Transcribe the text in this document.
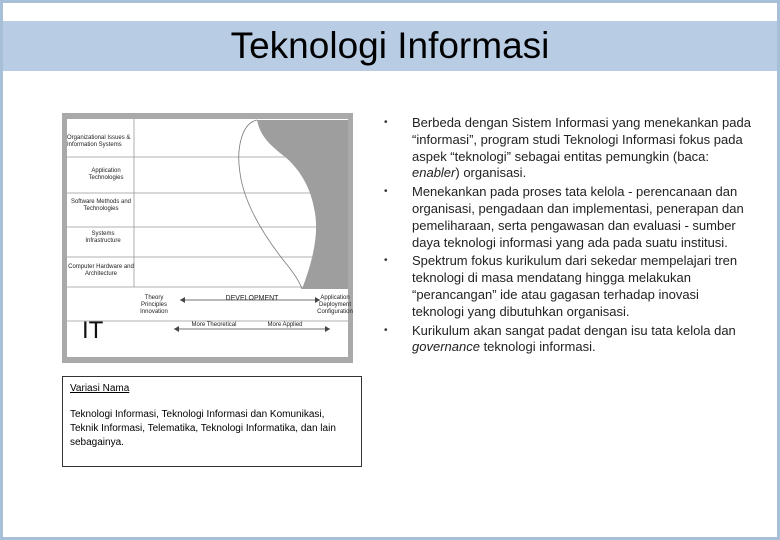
Teknologi Informasi
Organizational Issues & Information Systems
Application Technologies
Software Methods and Technologies
Systems Infrastructure
Computer Hardware and Architecture
Theory Principles Innovation
DEVELOPMENT	Application Deployment Configuration
More Theoretical	More Applied
IT
Variasi Nama
Teknologi Informasi, Teknologi Informasi dan Komunikasi, Teknik Informasi, Telematika, Teknologi Informatika, dan lain sebagainya.
• Berbeda dengan Sistem Informasi yang menekankan pada “informasi”, program studi Teknologi Informasi fokus pada aspek “teknologi” sebagai entitas pemungkin (baca: enabler) organisasi.
• Menekankan pada proses tata kelola - perencanaan dan organisasi, pengadaan dan implementasi, penerapan dan pemeliharaan, serta pengawasan dan evaluasi - sumber daya teknologi informasi yang ada pada suatu institusi.
• Spektrum fokus kurikulum dari sekedar mempelajari tren teknologi di masa mendatang hingga melakukan “perancangan” ide atau gagasan terhadap inovasi teknologi yang dibutuhkan organisasi.
• Kurikulum akan sangat padat dengan isu tata kelola dan governance teknologi informasi.
